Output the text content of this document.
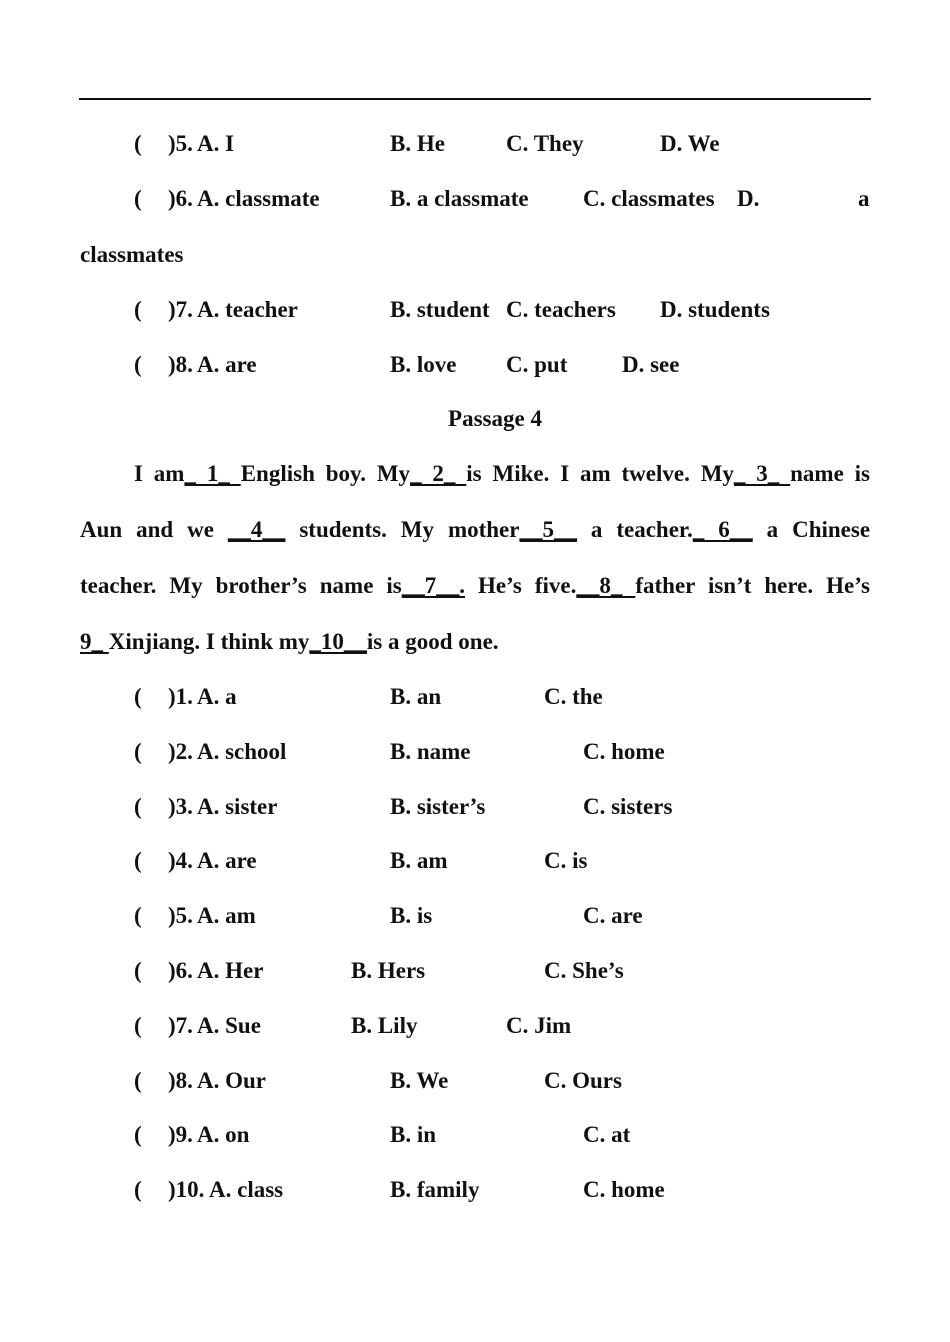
( )5. A. I	B. He	C. They	D. We
( )6. A. classmate	B. a classmate C. classmates D.	a
classmates
( )7. A. teacher	B. student C. teachers D. students
( )8. A. are	B. love C. put D. see
Passage 4
I am_ 1_ English boy. My_ 2_ is Mike. I am twelve. My_ 3_ name is
Aun and we __4__ students. My mother__5__ a teacher._ 6__ a Chinese
teacher. My brother’s name is__7__. He’s five.__8_ father isn’t here. He’s
9_ Xinjiang. I think my_10__is a good one.
( )1. A. a	B. an	C. the
( )2. A. school	B. name	C. home
( )3. A. sister	B. sister’s	C. sisters
( )4. A. are	B. am	C. is
( )5. A. am	B. is	C. are
( )6. A. Her	B. Hers	C. She’s
( )7. A. Sue	B. Lily	C. Jim
( )8. A. Our	B. We	C. Ours
( )9. A. on	B. in	C. at
( )10. A. class	B. family	C. home
